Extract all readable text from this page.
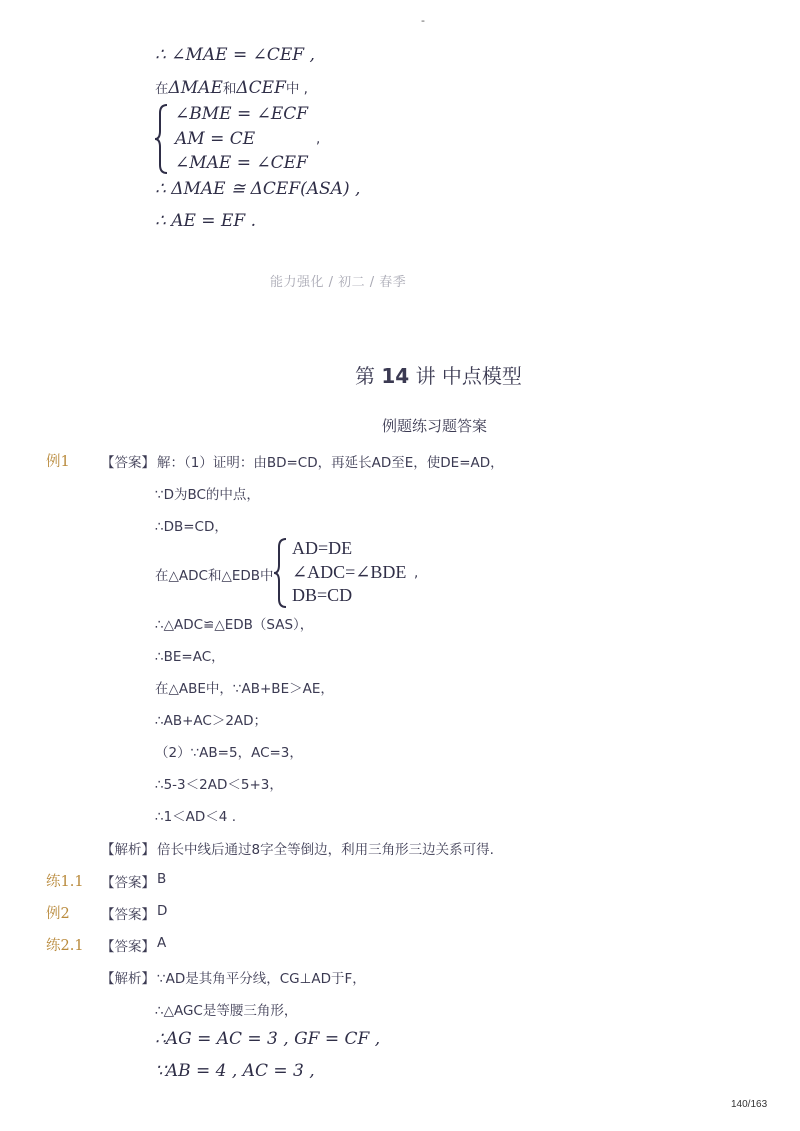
-
∴ ∠MAE = ∠CEF ,
在ΔMAE和ΔCEF中 ,
∠BME = ∠ECF
AM = CE
∠MAE = ∠CEF
,
∴ ΔMAE ≅ ΔCEF(ASA) ,
∴ AE = EF .
能力强化 / 初二 / 春季
第 14 讲 中点模型
例题练习题答案
例1 【答案】 解：（1）证明：由BD=CD，再延长AD至E，使DE=AD，
∵D为BC的中点，
∴DB=CD，
在△ADC和△EDB中
AD=DE
∠ADC=∠BDE
DB=CD
,
∴△ADC≌△EDB（SAS），
∴BE=AC，
在△ABE中，∵AB+BE＞AE，
∴AB+AC＞2AD；
（2）∵AB=5，AC=3，
∴5-3＜2AD＜5+3，
∴1＜AD＜4 .
【解析】 倍长中线后通过8字全等倒边，利用三角形三边关系可得.
练1.1 【答案】 B
例2 【答案】 D
练2.1 【答案】 A
【解析】 ∵AD是其角平分线，CG⊥AD于F，
∴△AGC是等腰三角形，
∴AG = AC = 3 , GF = CF ,
∵AB = 4 , AC = 3 ,
140/163
